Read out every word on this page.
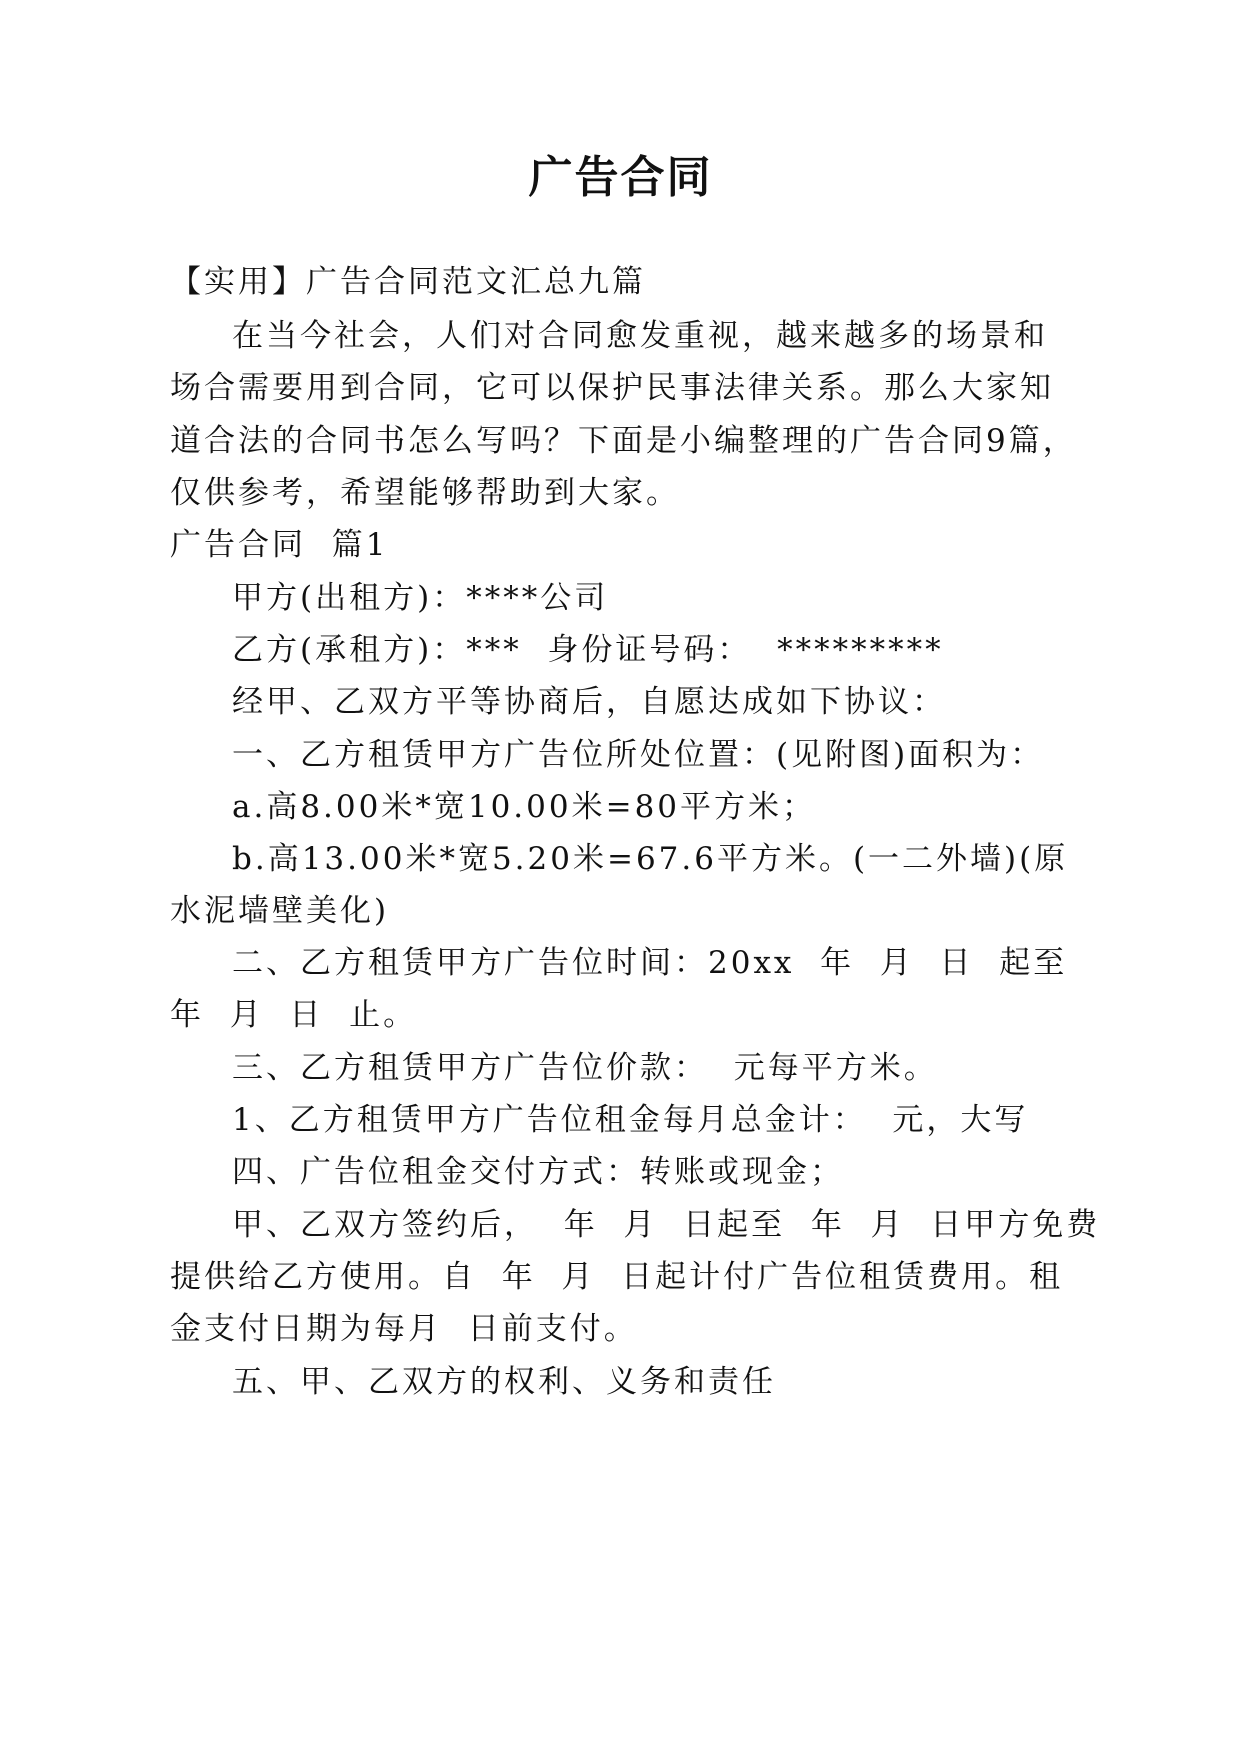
广告合同
【实用】广告合同范文汇总九篇
在当今社会，人们对合同愈发重视，越来越多的场景和
场合需要用到合同，它可以保护民事法律关系。那么大家知
道合法的合同书怎么写吗？下面是小编整理的广告合同9篇，
仅供参考，希望能够帮助到大家。
广告合同  篇1
甲方(出租方)：****公司
乙方(承租方)：***  身份证号码：  *********
经甲、乙双方平等协商后，自愿达成如下协议：
一、乙方租赁甲方广告位所处位置：(见附图)面积为：
a.高8.00米*宽10.00米=80平方米；
b.高13.00米*宽5.20米=67.6平方米。(一二外墙)(原
水泥墙壁美化)
二、乙方租赁甲方广告位时间：20xx  年  月  日  起至
年  月  日  止。
三、乙方租赁甲方广告位价款：  元每平方米。
1、乙方租赁甲方广告位租金每月总金计：  元，大写
四、广告位租金交付方式：转账或现金；
甲、乙双方签约后，  年  月  日起至  年  月  日甲方免费
提供给乙方使用。自  年  月  日起计付广告位租赁费用。租
金支付日期为每月  日前支付。
五、甲、乙双方的权利、义务和责任
